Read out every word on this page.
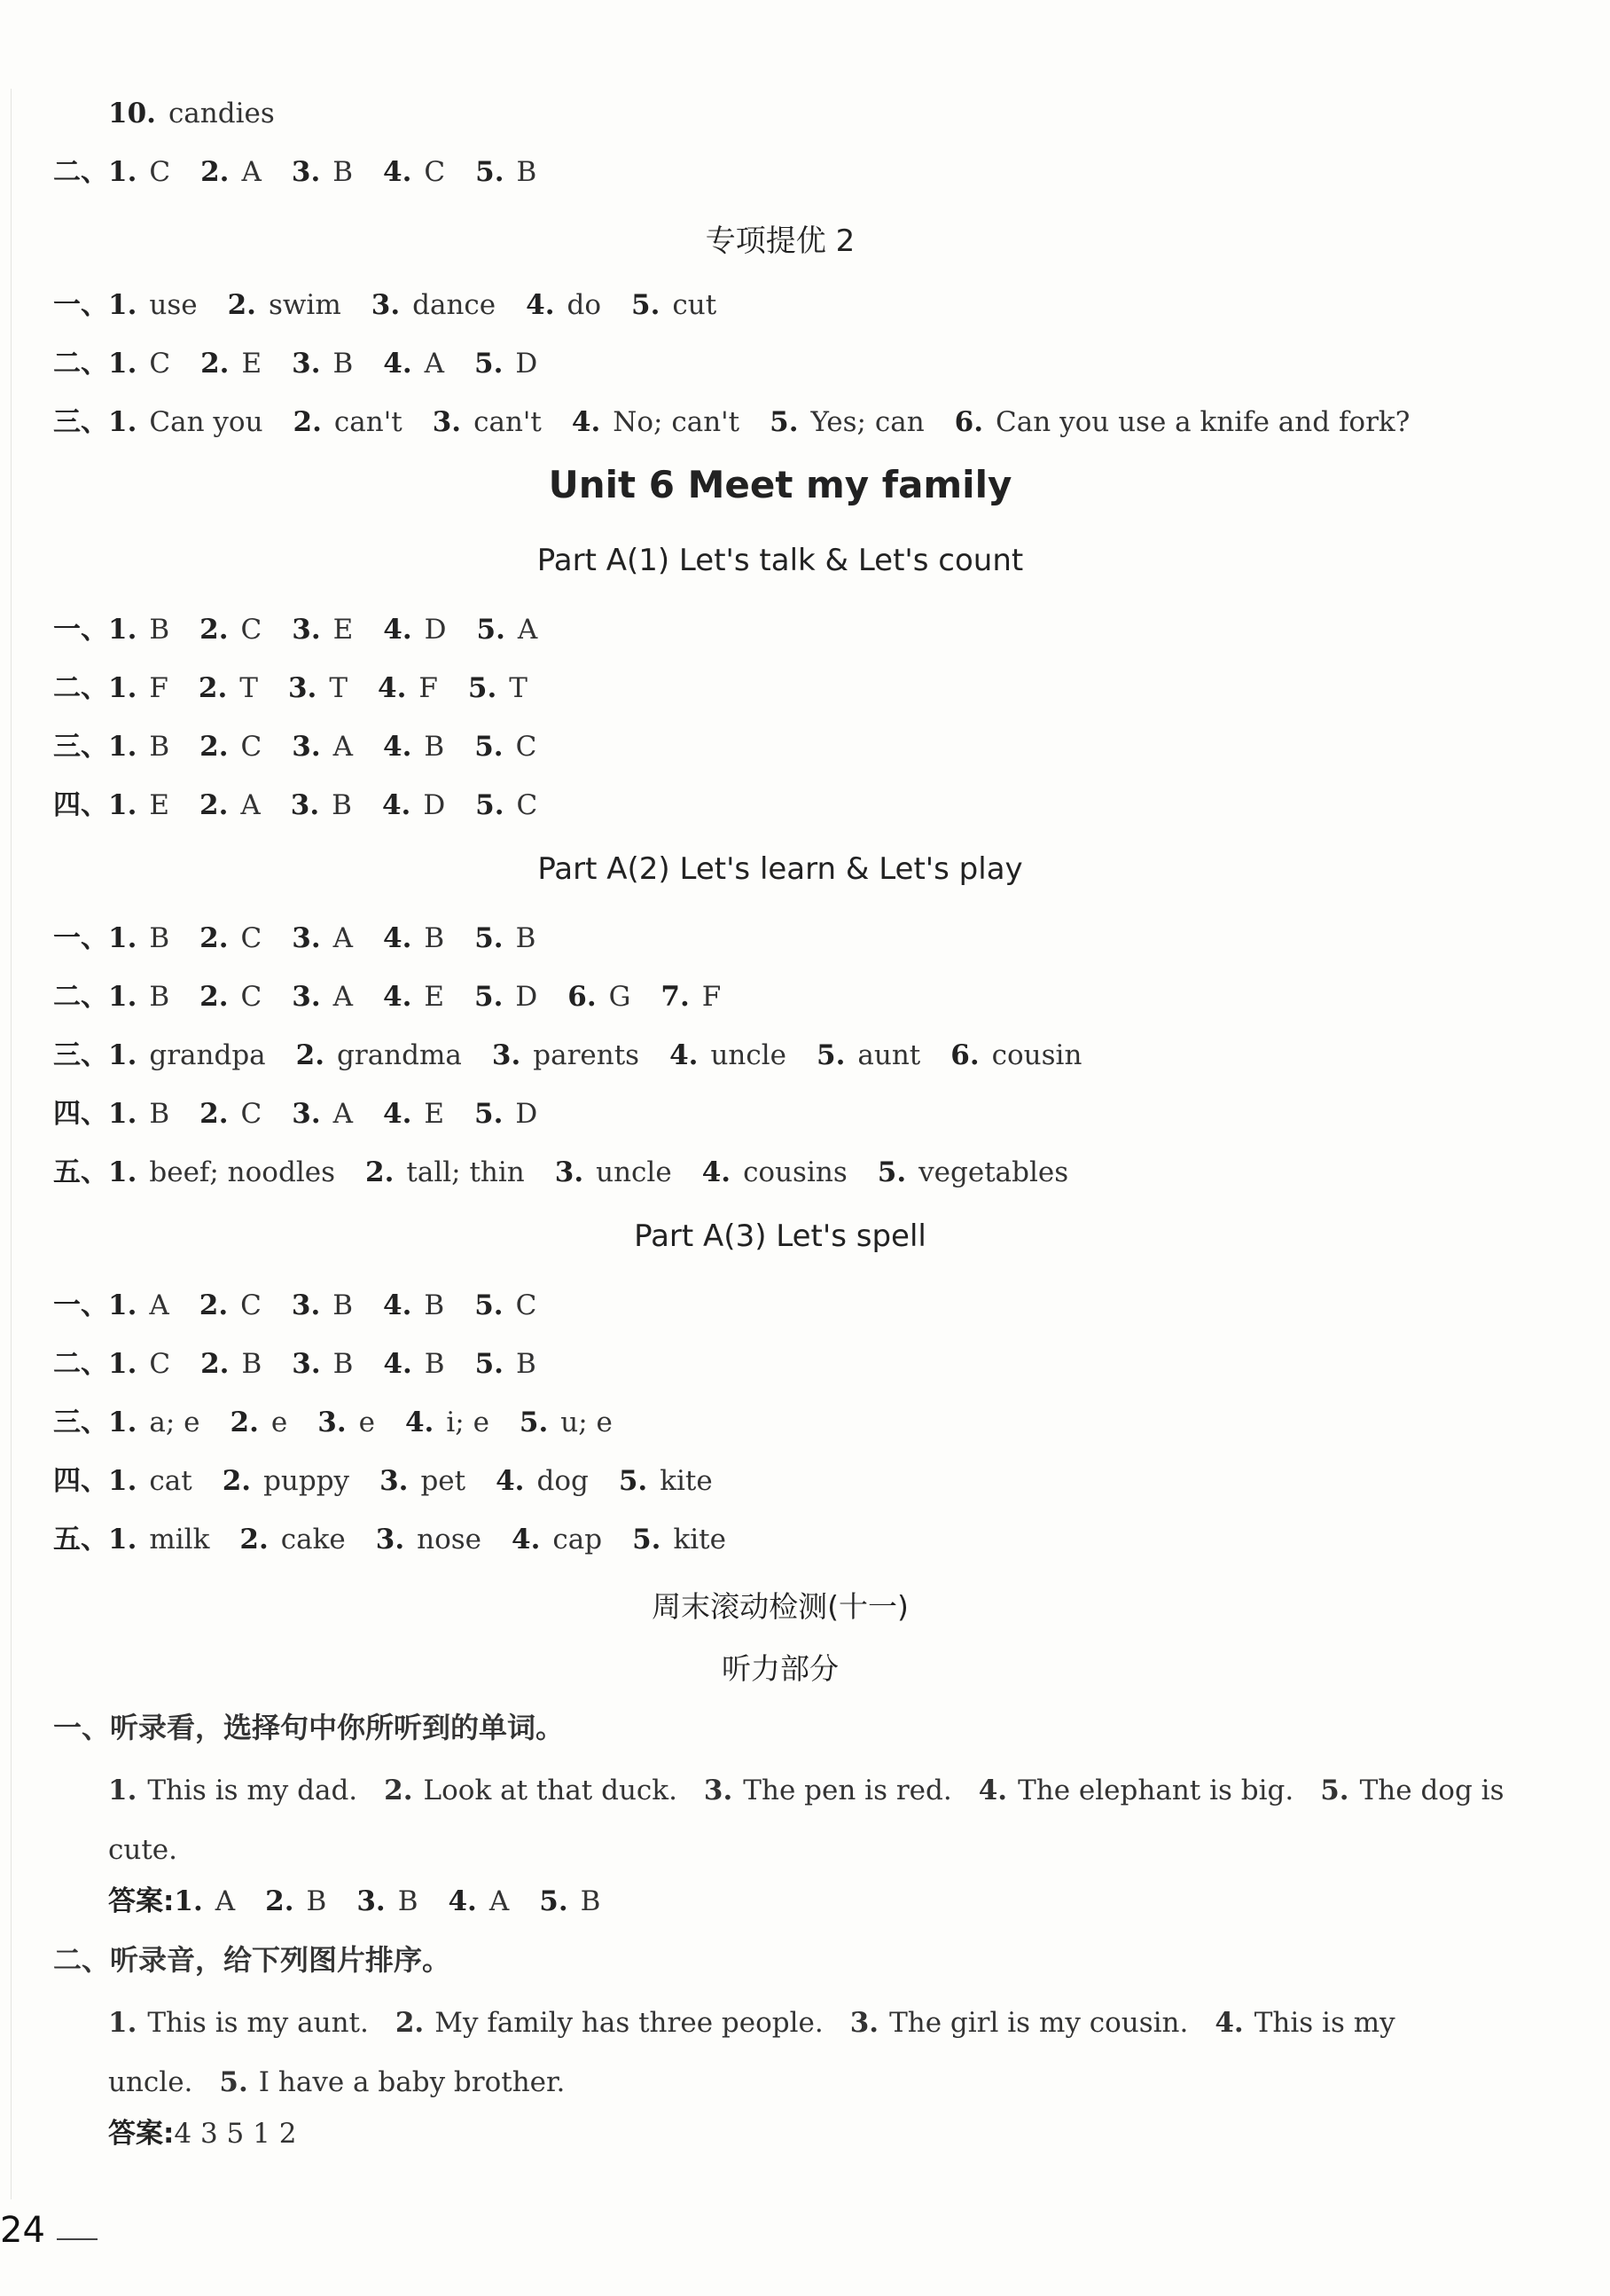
10. candies
二、1. C 2. A 3. B 4. C 5. B
专项提优 2
一、1. use 2. swim 3. dance 4. do 5. cut
二、1. C 2. E 3. B 4. A 5. D
三、1. Can you 2. can't 3. can't 4. No; can't 5. Yes; can 6. Can you use a knife and fork?
Unit 6 Meet my family
Part A(1) Let's talk & Let's count
一、1. B 2. C 3. E 4. D 5. A
二、1. F 2. T 3. T 4. F 5. T
三、1. B 2. C 3. A 4. B 5. C
四、1. E 2. A 3. B 4. D 5. C
Part A(2) Let's learn & Let's play
一、1. B 2. C 3. A 4. B 5. B
二、1. B 2. C 3. A 4. E 5. D 6. G 7. F
三、1. grandpa 2. grandma 3. parents 4. uncle 5. aunt 6. cousin
四、1. B 2. C 3. A 4. E 5. D
五、1. beef; noodles 2. tall; thin 3. uncle 4. cousins 5. vegetables
Part A(3) Let's spell
一、1. A 2. C 3. B 4. B 5. C
二、1. C 2. B 3. B 4. B 5. B
三、1. a; e 2. e 3. e 4. i; e 5. u; e
四、1. cat 2. puppy 3. pet 4. dog 5. kite
五、1. milk 2. cake 3. nose 4. cap 5. kite
周末滚动检测(十一)
听力部分
一、听录看，选择句中你所听到的单词。
1. This is my dad. 2. Look at that duck. 3. The pen is red. 4. The elephant is big. 5. The dog is cute.
答案:1. A 2. B 3. B 4. A 5. B
二、听录音，给下列图片排序。
1. This is my aunt. 2. My family has three people. 3. The girl is my cousin. 4. This is my uncle. 5. I have a baby brother.
答案:4 3 5 1 2
24
